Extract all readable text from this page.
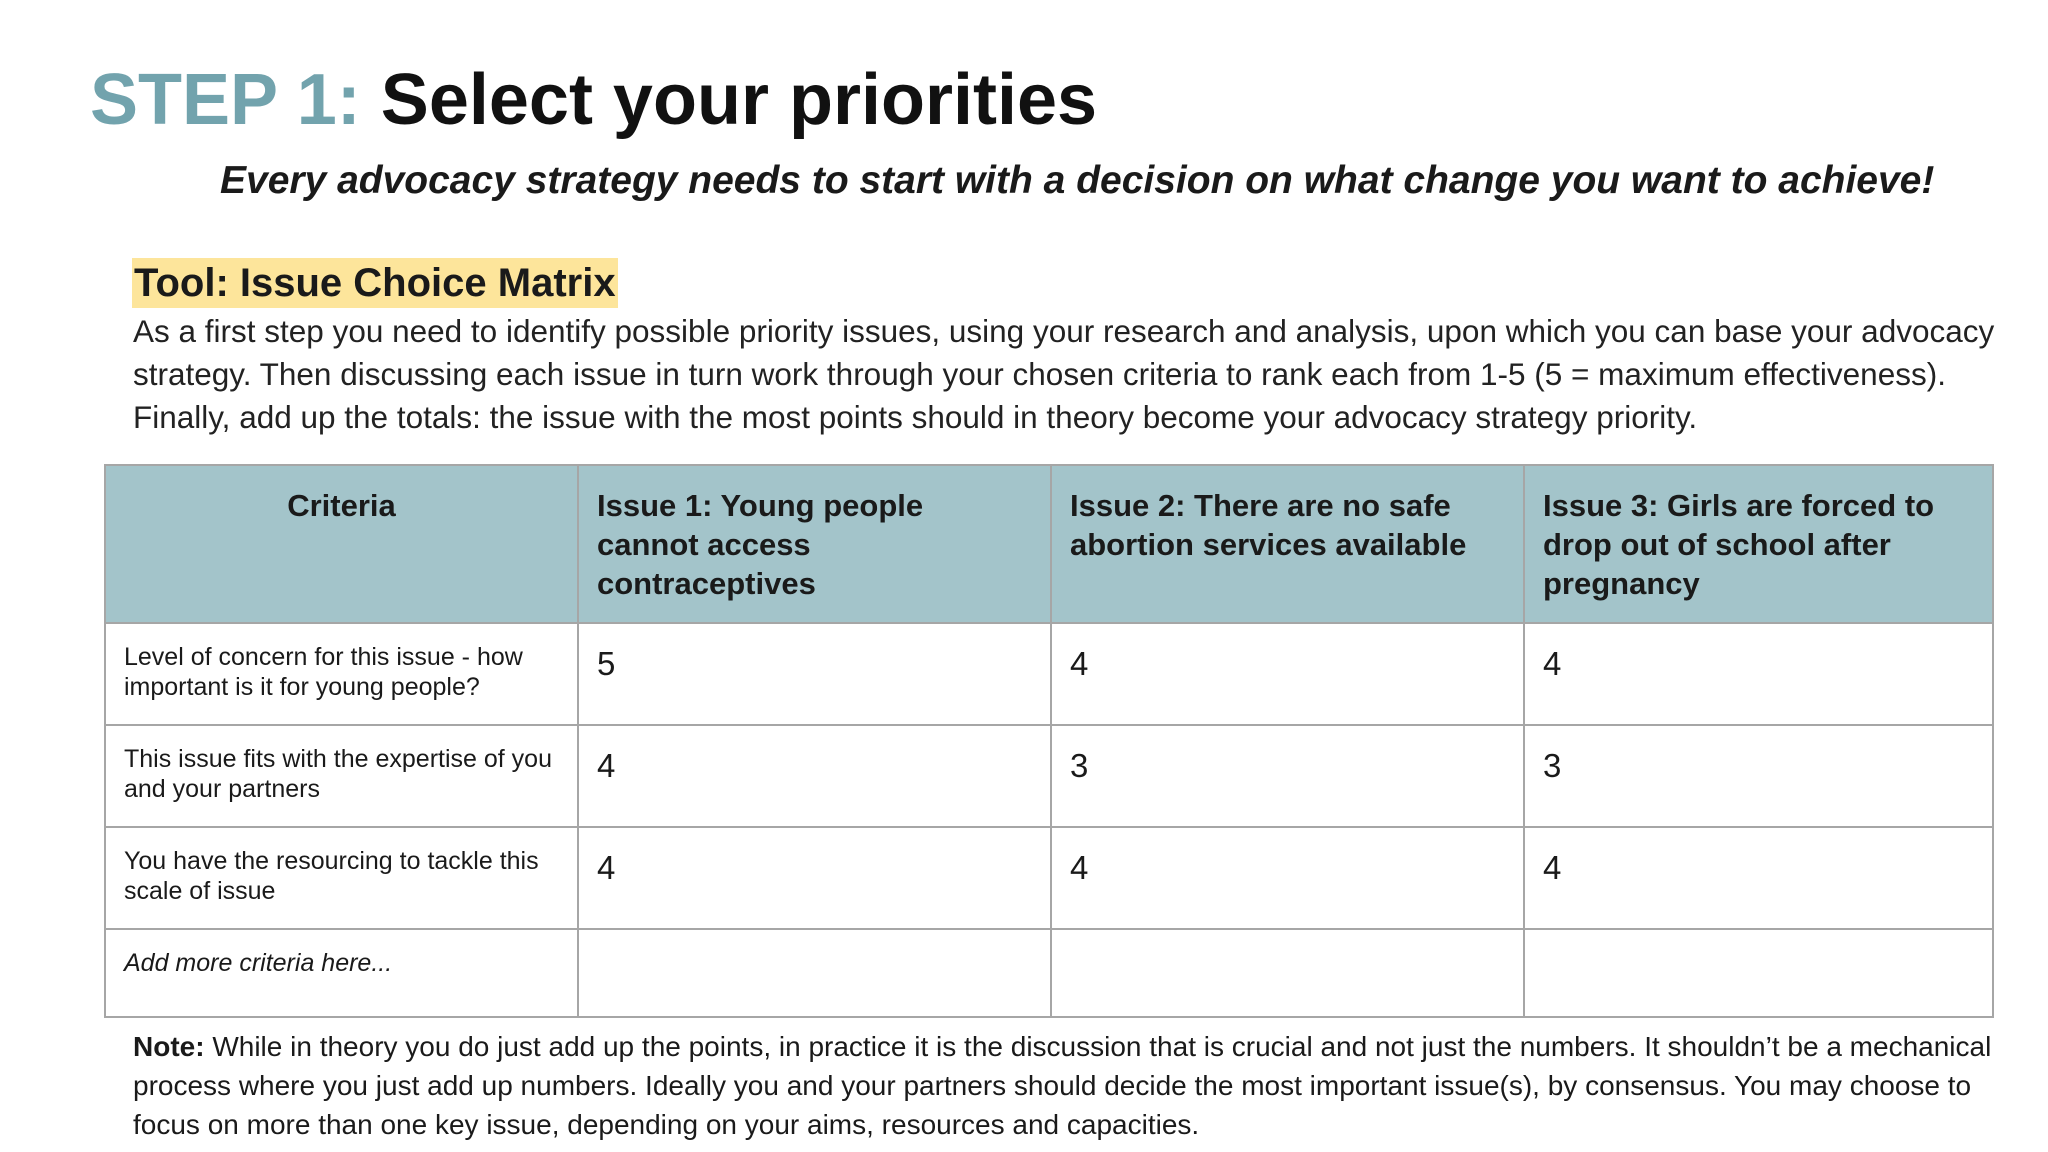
STEP 1: Select your priorities

Every advocacy strategy needs to start with a decision on what change you want to achieve!

Tool: Issue Choice Matrix

As a first step you need to identify possible priority issues, using your research and analysis, upon which you can base your advocacy strategy. Then discussing each issue in turn work through your chosen criteria to rank each from 1-5 (5 = maximum effectiveness). Finally, add up the totals: the issue with the most points should in theory become your advocacy strategy priority.

Criteria	Issue 1: Young people cannot access contraceptives	Issue 2: There are no safe abortion services available	Issue 3: Girls are forced to drop out of school after pregnancy
Level of concern for this issue - how important is it for young people?	5	4	4
This issue fits with the expertise of you and your partners	4	3	3
You have the resourcing to tackle this scale of issue	4	4	4
Add more criteria here...			

Note: While in theory you do just add up the points, in practice it is the discussion that is crucial and not just the numbers. It shouldn’t be a mechanical process where you just add up numbers. Ideally you and your partners should decide the most important issue(s), by consensus. You may choose to focus on more than one key issue, depending on your aims, resources and capacities.
